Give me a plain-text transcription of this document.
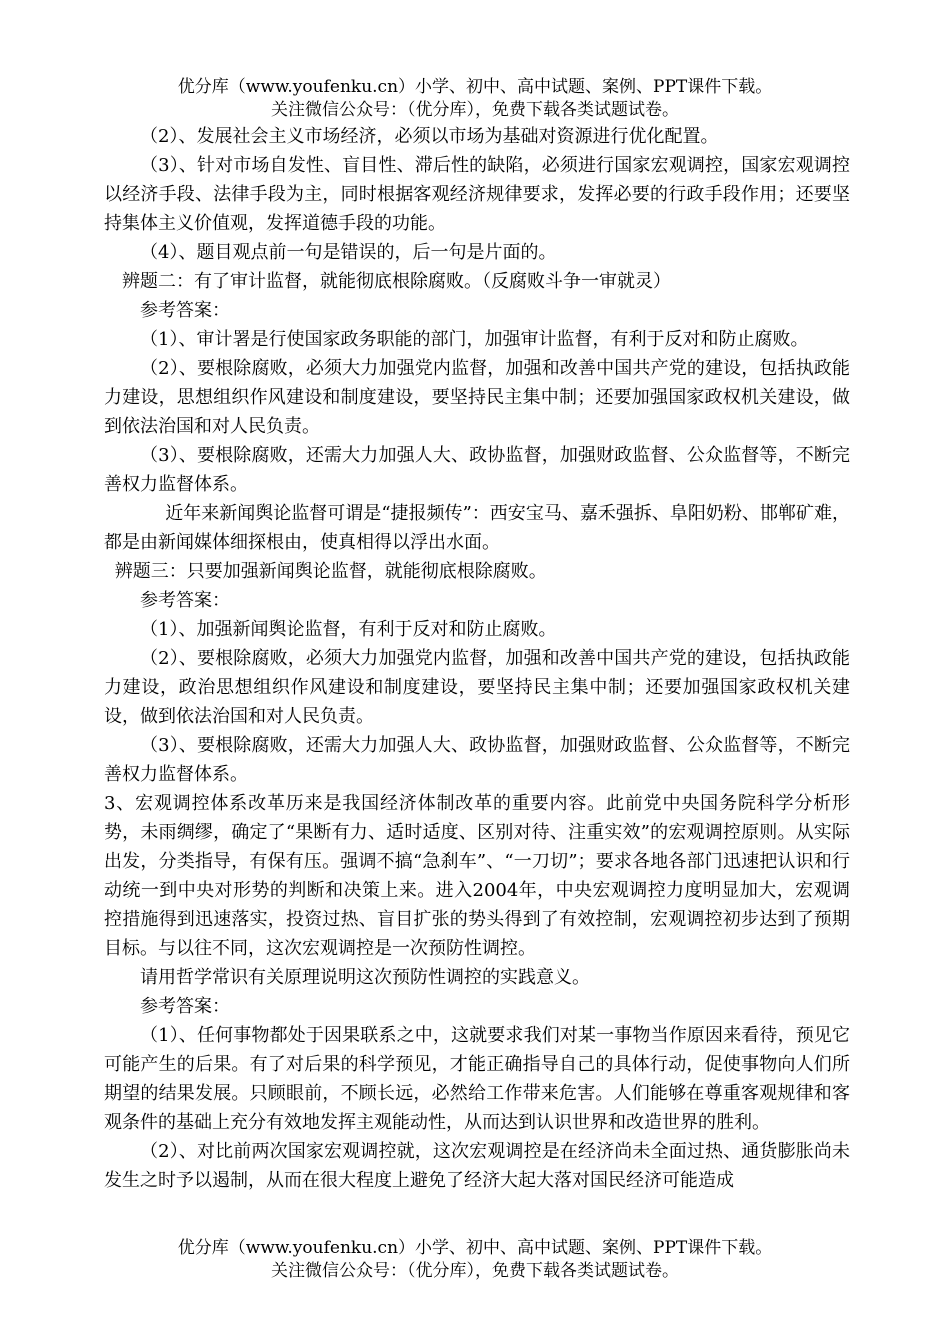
优分库（www.youfenku.cn）小学、初中、高中试题、案例、PPT课件下载。
关注微信公众号：（优分库），免费下载各类试题试卷。

（2）、发展社会主义市场经济，必须以市场为基础对资源进行优化配置。

（3）、针对市场自发性、盲目性、滞后性的缺陷，必须进行国家宏观调控，国家宏观调控以经济手段、法律手段为主，同时根据客观经济规律要求，发挥必要的行政手段作用；还要坚持集体主义价值观，发挥道德手段的功能。

（4）、题目观点前一句是错误的，后一句是片面的。

辨题二：有了审计监督，就能彻底根除腐败。（反腐败斗争一审就灵）

参考答案：

（1）、审计署是行使国家政务职能的部门，加强审计监督，有利于反对和防止腐败。

（2）、要根除腐败，必须大力加强党内监督，加强和改善中国共产党的建设，包括执政能力建设，思想组织作风建设和制度建设，要坚持民主集中制；还要加强国家政权机关建设，做到依法治国和对人民负责。

（3）、要根除腐败，还需大力加强人大、政协监督，加强财政监督、公众监督等，不断完善权力监督体系。

近年来新闻舆论监督可谓是“捷报频传”：西安宝马、嘉禾强拆、阜阳奶粉、邯郸矿难，都是由新闻媒体细探根由，使真相得以浮出水面。

辨题三：只要加强新闻舆论监督，就能彻底根除腐败。

参考答案：

（1）、加强新闻舆论监督，有利于反对和防止腐败。

（2）、要根除腐败，必须大力加强党内监督，加强和改善中国共产党的建设，包括执政能力建设，政治思想组织作风建设和制度建设，要坚持民主集中制；还要加强国家政权机关建设，做到依法治国和对人民负责。

（3）、要根除腐败，还需大力加强人大、政协监督，加强财政监督、公众监督等，不断完善权力监督体系。

3、宏观调控体系改革历来是我国经济体制改革的重要内容。此前党中央国务院科学分析形势，未雨绸缪，确定了“果断有力、适时适度、区别对待、注重实效”的宏观调控原则。从实际出发，分类指导，有保有压。强调不搞“急刹车”、“一刀切”；要求各地各部门迅速把认识和行动统一到中央对形势的判断和决策上来。进入2004年，中央宏观调控力度明显加大，宏观调控措施得到迅速落实，投资过热、盲目扩张的势头得到了有效控制，宏观调控初步达到了预期目标。与以往不同，这次宏观调控是一次预防性调控。

请用哲学常识有关原理说明这次预防性调控的实践意义。

参考答案：

（1）、任何事物都处于因果联系之中，这就要求我们对某一事物当作原因来看待，预见它可能产生的后果。有了对后果的科学预见，才能正确指导自己的具体行动，促使事物向人们所期望的结果发展。只顾眼前，不顾长远，必然给工作带来危害。人们能够在尊重客观规律和客观条件的基础上充分有效地发挥主观能动性，从而达到认识世界和改造世界的胜利。

（2）、对比前两次国家宏观调控就，这次宏观调控是在经济尚未全面过热、通货膨胀尚未发生之时予以遏制，从而在很大程度上避免了经济大起大落对国民经济可能造成

优分库（www.youfenku.cn）小学、初中、高中试题、案例、PPT课件下载。
关注微信公众号：（优分库），免费下载各类试题试卷。
